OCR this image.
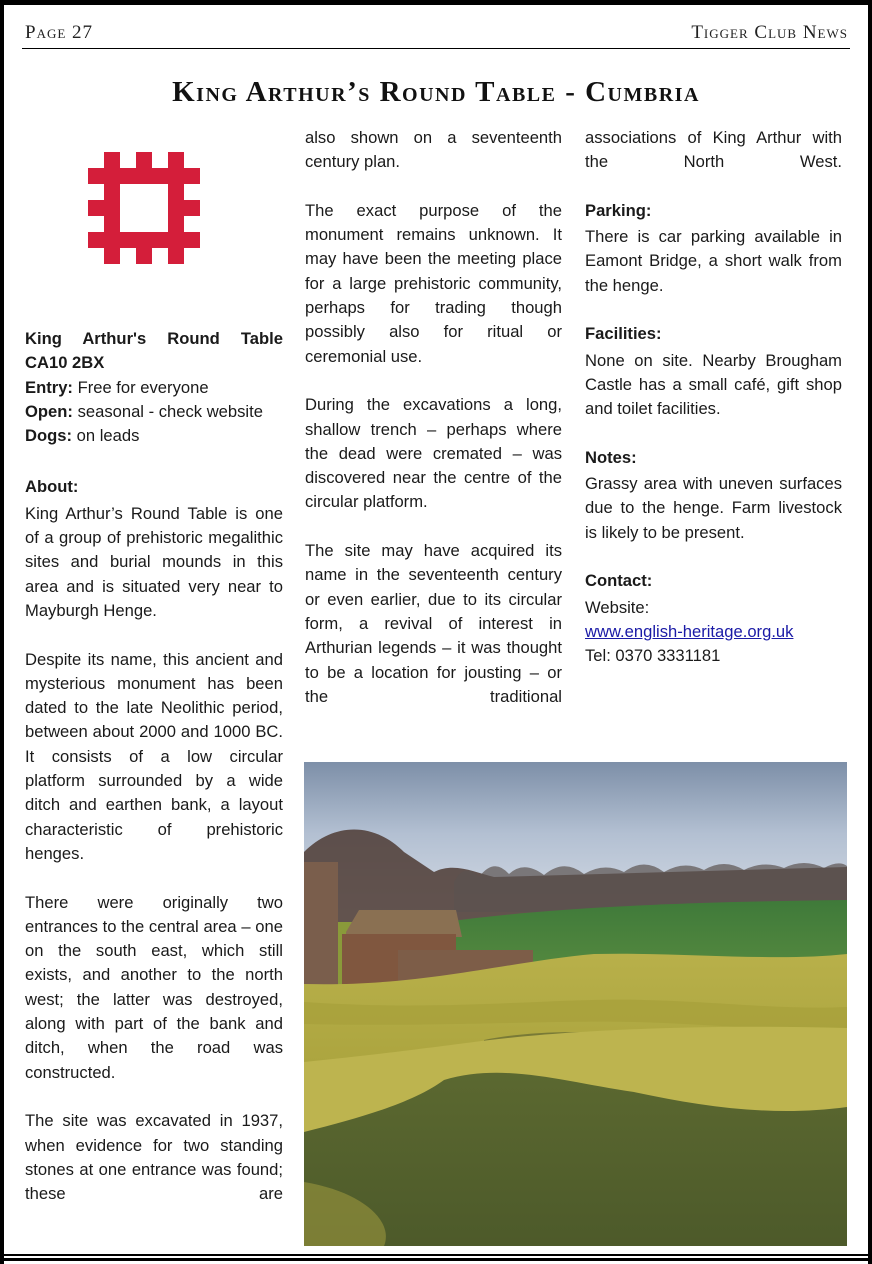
Page 27	Tigger Club News
King Arthur’s Round Table - Cumbria

King Arthur's Round Table
CA10 2BX
Entry: Free for everyone
Open: seasonal - check website
Dogs: on leads

About:

King Arthur’s Round Table is one of a group of prehistoric megalithic sites and burial mounds in this area and is situated very near to Mayburgh Henge.

Despite its name, this ancient and mysterious monument has been dated to the late Neolithic period, between about 2000 and 1000 BC. It consists of a low circular platform surrounded by a wide ditch and earthen bank, a layout characteristic of prehistoric henges.

There were originally two entrances to the central area – one on the south east, which still exists, and another to the north west; the latter was destroyed, along with part of the bank and ditch, when the road was constructed.

The site was excavated in 1937, when evidence for two standing stones at one entrance was found; these are

also shown on a seventeenth century plan.

The exact purpose of the monument remains unknown. It may have been the meeting place for a large prehistoric community, perhaps for trading though possibly also for ritual or ceremonial use.

During the excavations a long, shallow trench – perhaps where the dead were cremated – was discovered near the centre of the circular platform.

The site may have acquired its name in the seventeenth century or even earlier, due to its circular form, a revival of interest in Arthurian legends – it was thought to be a location for jousting – or the traditional

associations of King Arthur with the North West.

Parking:

There is car parking available in Eamont Bridge, a short walk from the henge.

Facilities:

None on site. Nearby Brougham Castle has a small café, gift shop and toilet facilities.

Notes:

Grassy area with uneven surfaces due to the henge. Farm livestock is likely to be present.

Contact:
Website:
www.english-heritage.org.uk
Tel: 0370 3331181
